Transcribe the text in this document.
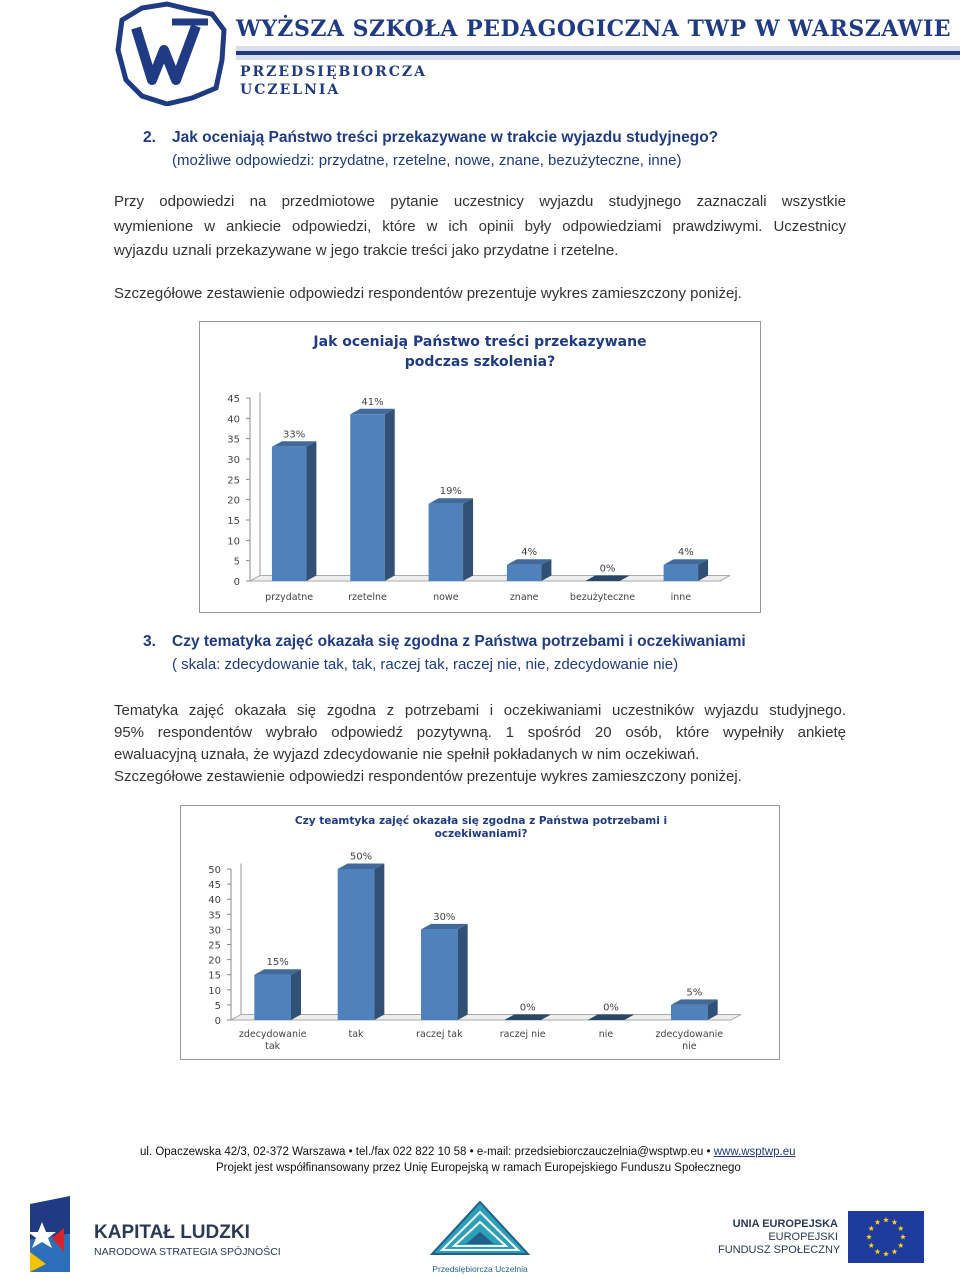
WYŻSZA SZKOŁA PEDAGOGICZNA TWP W WARSZAWIE
PRZEDSIĘBIORCZA
UCZELNIA
2. Jak oceniają Państwo treści przekazywane w trakcie wyjazdu studyjnego?
(możliwe odpowiedzi: przydatne, rzetelne, nowe, znane, bezużyteczne, inne)

Przy odpowiedzi na przedmiotowe pytanie uczestnicy wyjazdu studyjnego zaznaczali wszystkie

wymienione w ankiecie odpowiedzi, które w ich opinii były odpowiedziami prawdziwymi. Uczestnicy

wyjazdu uznali przekazywane w jego trakcie treści jako przydatne i rzetelne.

Szczegółowe zestawienie odpowiedzi respondentów prezentuje wykres zamieszczony poniżej.

Jak oceniają Państwo treści przekazywane
podczas szkolenia?
0
5
10
15
20
25
30
35
40
45
33%
przydatne
41%
rzetelne
19%
nowe
4%
znane
0%
bezużyteczne
4%
inne
3. Czy tematyka zajęć okazała się zgodna z Państwa potrzebami i oczekiwaniami
( skala: zdecydowanie tak, tak, raczej tak, raczej nie, nie, zdecydowanie nie)

Tematyka zajęć okazała się zgodna z potrzebami i oczekiwaniami uczestników wyjazdu studyjnego.

95% respondentów wybrało odpowiedź pozytywną. 1 spośród 20 osób, które wypełniły ankietę

ewaluacyjną uznała, że wyjazd zdecydowanie nie spełnił pokładanych w nim oczekiwań.

Szczegółowe zestawienie odpowiedzi respondentów prezentuje wykres zamieszczony poniżej.

Czy teamtyka zajęć okazała się zgodna z Państwa potrzebami i
oczekiwaniami?
0
5
10
15
20
25
30
35
40
45
50
15%
zdecydowanie
tak
50%
tak
30%
raczej tak
0%
raczej nie
0%
nie
5%
zdecydowanie
nie
ul. Opaczewska 42/3, 02-372 Warszawa • tel./fax 022 822 10 58 • e-mail: przedsiebiorczauczelnia@wsptwp.eu • www.wsptwp.eu
Projekt jest współfinansowany przez Unię Europejską w ramach Europejskiego Funduszu Społecznego
KAPITAŁ LUDZKI
NARODOWA STRATEGIA SPÓJNOŚCI
Przedsiębiorcza Uczelnia
UNIA EUROPEJSKA
EUROPEJSKI
FUNDUSZ SPOŁECZNY
